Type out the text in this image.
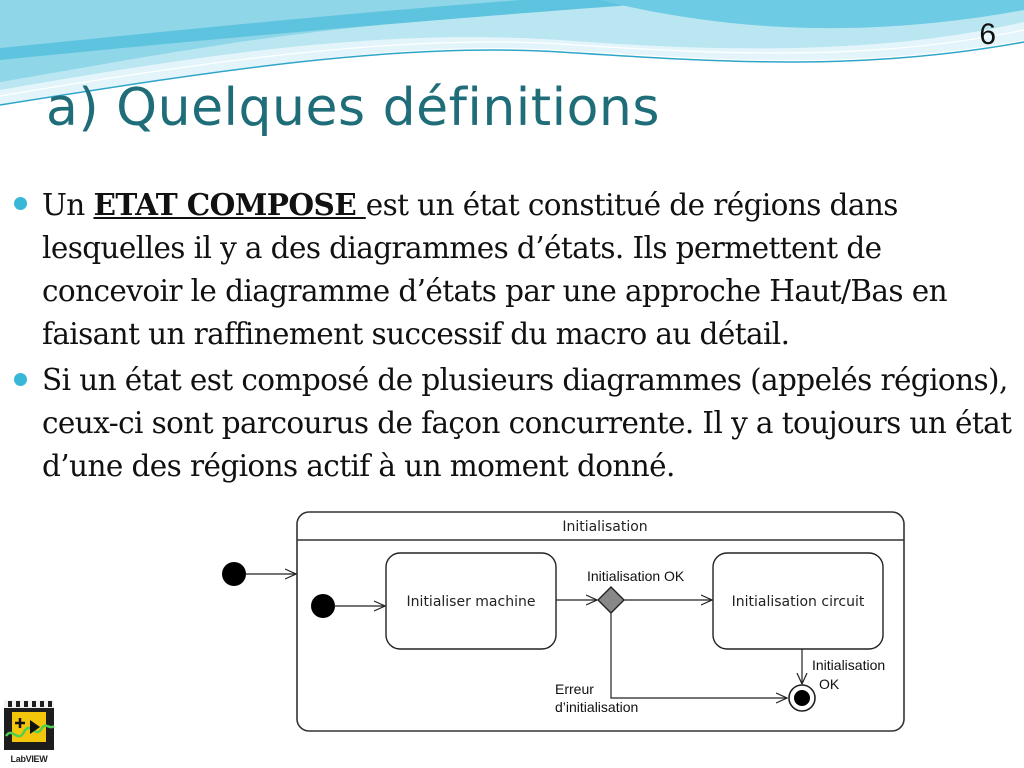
6
a) Quelques définitions
Un ETAT COMPOSE est un état constitué de régions dans lesquelles il y a des diagrammes d’états. Ils permettent de concevoir le diagramme d’états par une approche Haut/Bas en faisant un raffinement successif du macro au détail.
Si un état est composé de plusieurs diagrammes (appelés régions), ceux-ci sont parcourus de façon concurrente. Il y a toujours un état d’une des régions actif à un moment donné.
Initialisation
Initialiser machine	Initialisation circuit
Initialisation OK
Erreur
d’initialisation
Initialisation
OK
LabVIEW
